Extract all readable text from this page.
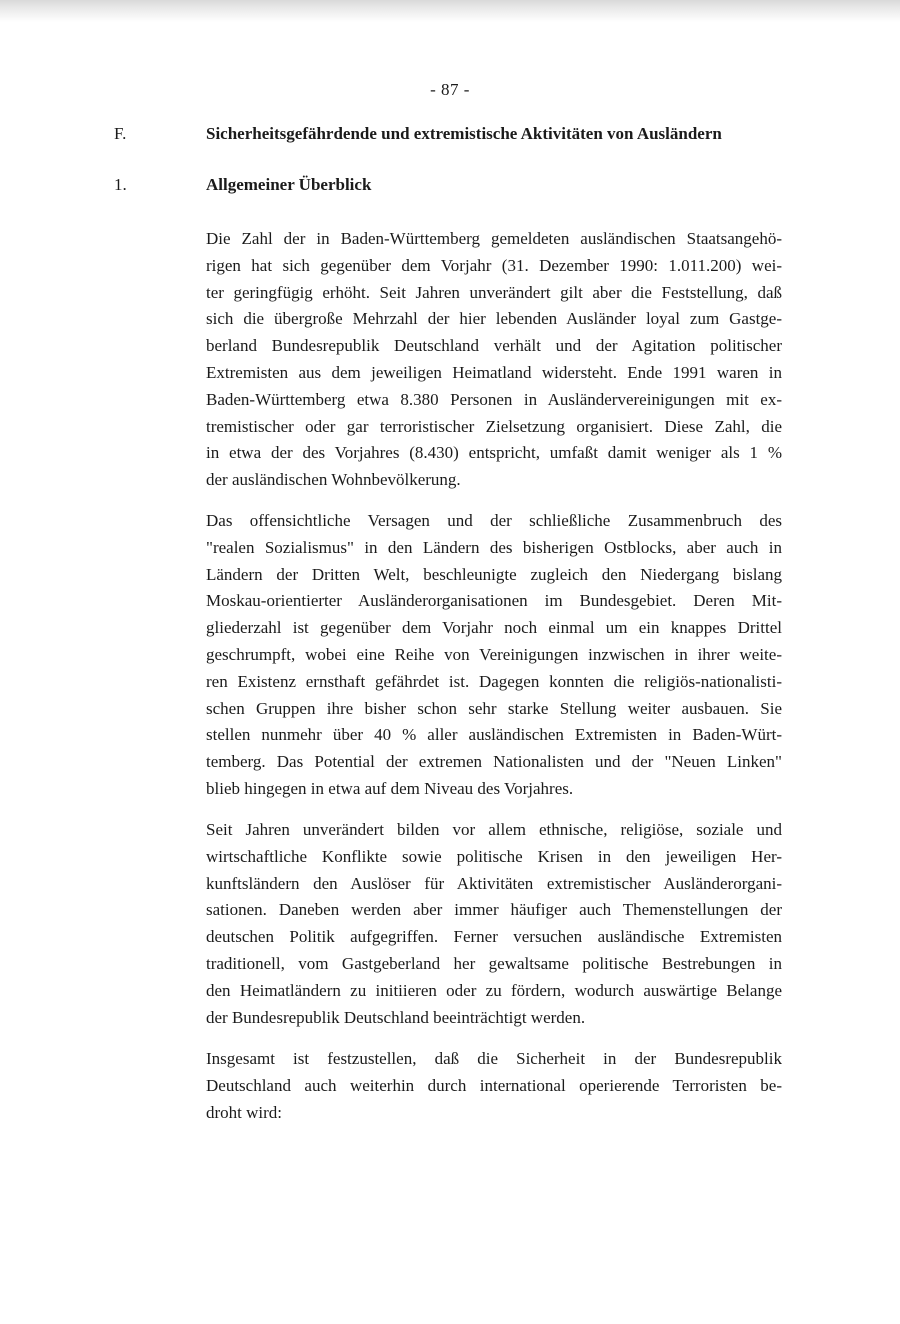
- 87 -
F.	Sicherheitsgefährdende und extremistische Aktivitäten von Ausländern
1.	Allgemeiner Überblick
Die Zahl der in Baden-Württemberg gemeldeten ausländischen Staatsangehö-
rigen hat sich gegenüber dem Vorjahr (31. Dezember 1990: 1.011.200) wei-
ter geringfügig erhöht. Seit Jahren unverändert gilt aber die Feststellung, daß
sich die übergroße Mehrzahl der hier lebenden Ausländer loyal zum Gastge-
berland Bundesrepublik Deutschland verhält und der Agitation politischer
Extremisten aus dem jeweiligen Heimatland widersteht. Ende 1991 waren in
Baden-Württemberg etwa 8.380 Personen in Ausländervereinigungen mit ex-
tremistischer oder gar terroristischer Zielsetzung organisiert. Diese Zahl, die
in etwa der des Vorjahres (8.430) entspricht, umfaßt damit weniger als 1 %
der ausländischen Wohnbevölkerung.
Das offensichtliche Versagen und der schließliche Zusammenbruch des
"realen Sozialismus" in den Ländern des bisherigen Ostblocks, aber auch in
Ländern der Dritten Welt, beschleunigte zugleich den Niedergang bislang
Moskau-orientierter Ausländerorganisationen im Bundesgebiet. Deren Mit-
gliederzahl ist gegenüber dem Vorjahr noch einmal um ein knappes Drittel
geschrumpft, wobei eine Reihe von Vereinigungen inzwischen in ihrer weite-
ren Existenz ernsthaft gefährdet ist. Dagegen konnten die religiös-nationalisti-
schen Gruppen ihre bisher schon sehr starke Stellung weiter ausbauen. Sie
stellen nunmehr über 40 % aller ausländischen Extremisten in Baden-Würt-
temberg. Das Potential der extremen Nationalisten und der "Neuen Linken"
blieb hingegen in etwa auf dem Niveau des Vorjahres.
Seit Jahren unverändert bilden vor allem ethnische, religiöse, soziale und
wirtschaftliche Konflikte sowie politische Krisen in den jeweiligen Her-
kunftsländern den Auslöser für Aktivitäten extremistischer Ausländerorgani-
sationen. Daneben werden aber immer häufiger auch Themenstellungen der
deutschen Politik aufgegriffen. Ferner versuchen ausländische Extremisten
traditionell, vom Gastgeberland her gewaltsame politische Bestrebungen in
den Heimatländern zu initiieren oder zu fördern, wodurch auswärtige Belange
der Bundesrepublik Deutschland beeinträchtigt werden.
Insgesamt ist festzustellen, daß die Sicherheit in der Bundesrepublik
Deutschland auch weiterhin durch international operierende Terroristen be-
droht wird:
